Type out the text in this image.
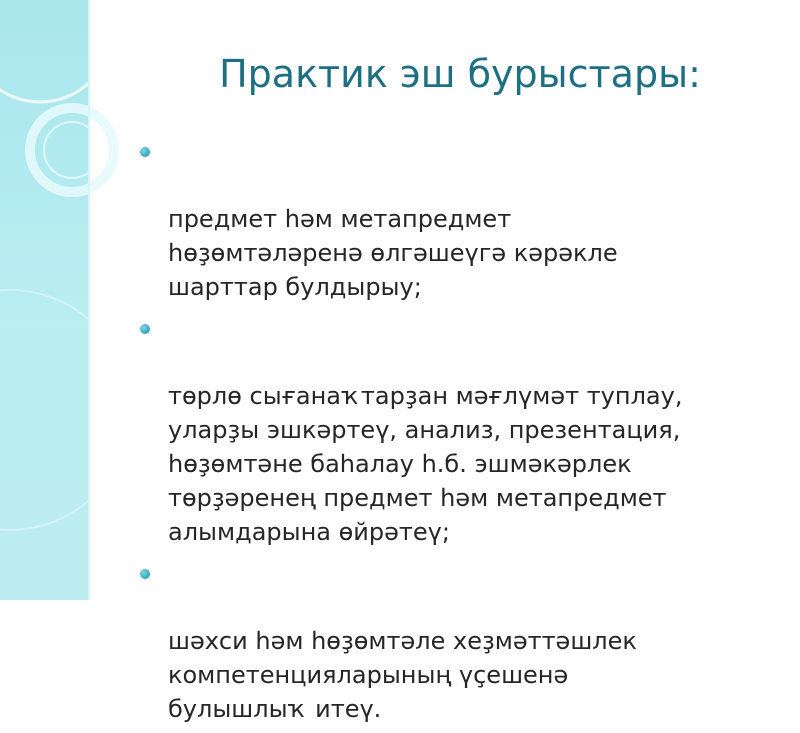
Практик эш бурыстары:

предмет һәм метапредмет
һөҙөмтәләренә өлгәшеүгә кәрәкле
шарттар булдырыу;

төрлө сығанаҡтарҙан мәғлүмәт туплау,
уларҙы эшкәртеү, анализ, презентация,
һөҙөмтәне баһалау һ.б. эшмәкәрлек
төрҙәренең предмет һәм метапредмет
алымдарына өйрәтеү;

шәхси һәм һөҙөмтәле хеҙмәттәшлек
компетенцияларының үҫешенә
булышлыҡ итеү.
